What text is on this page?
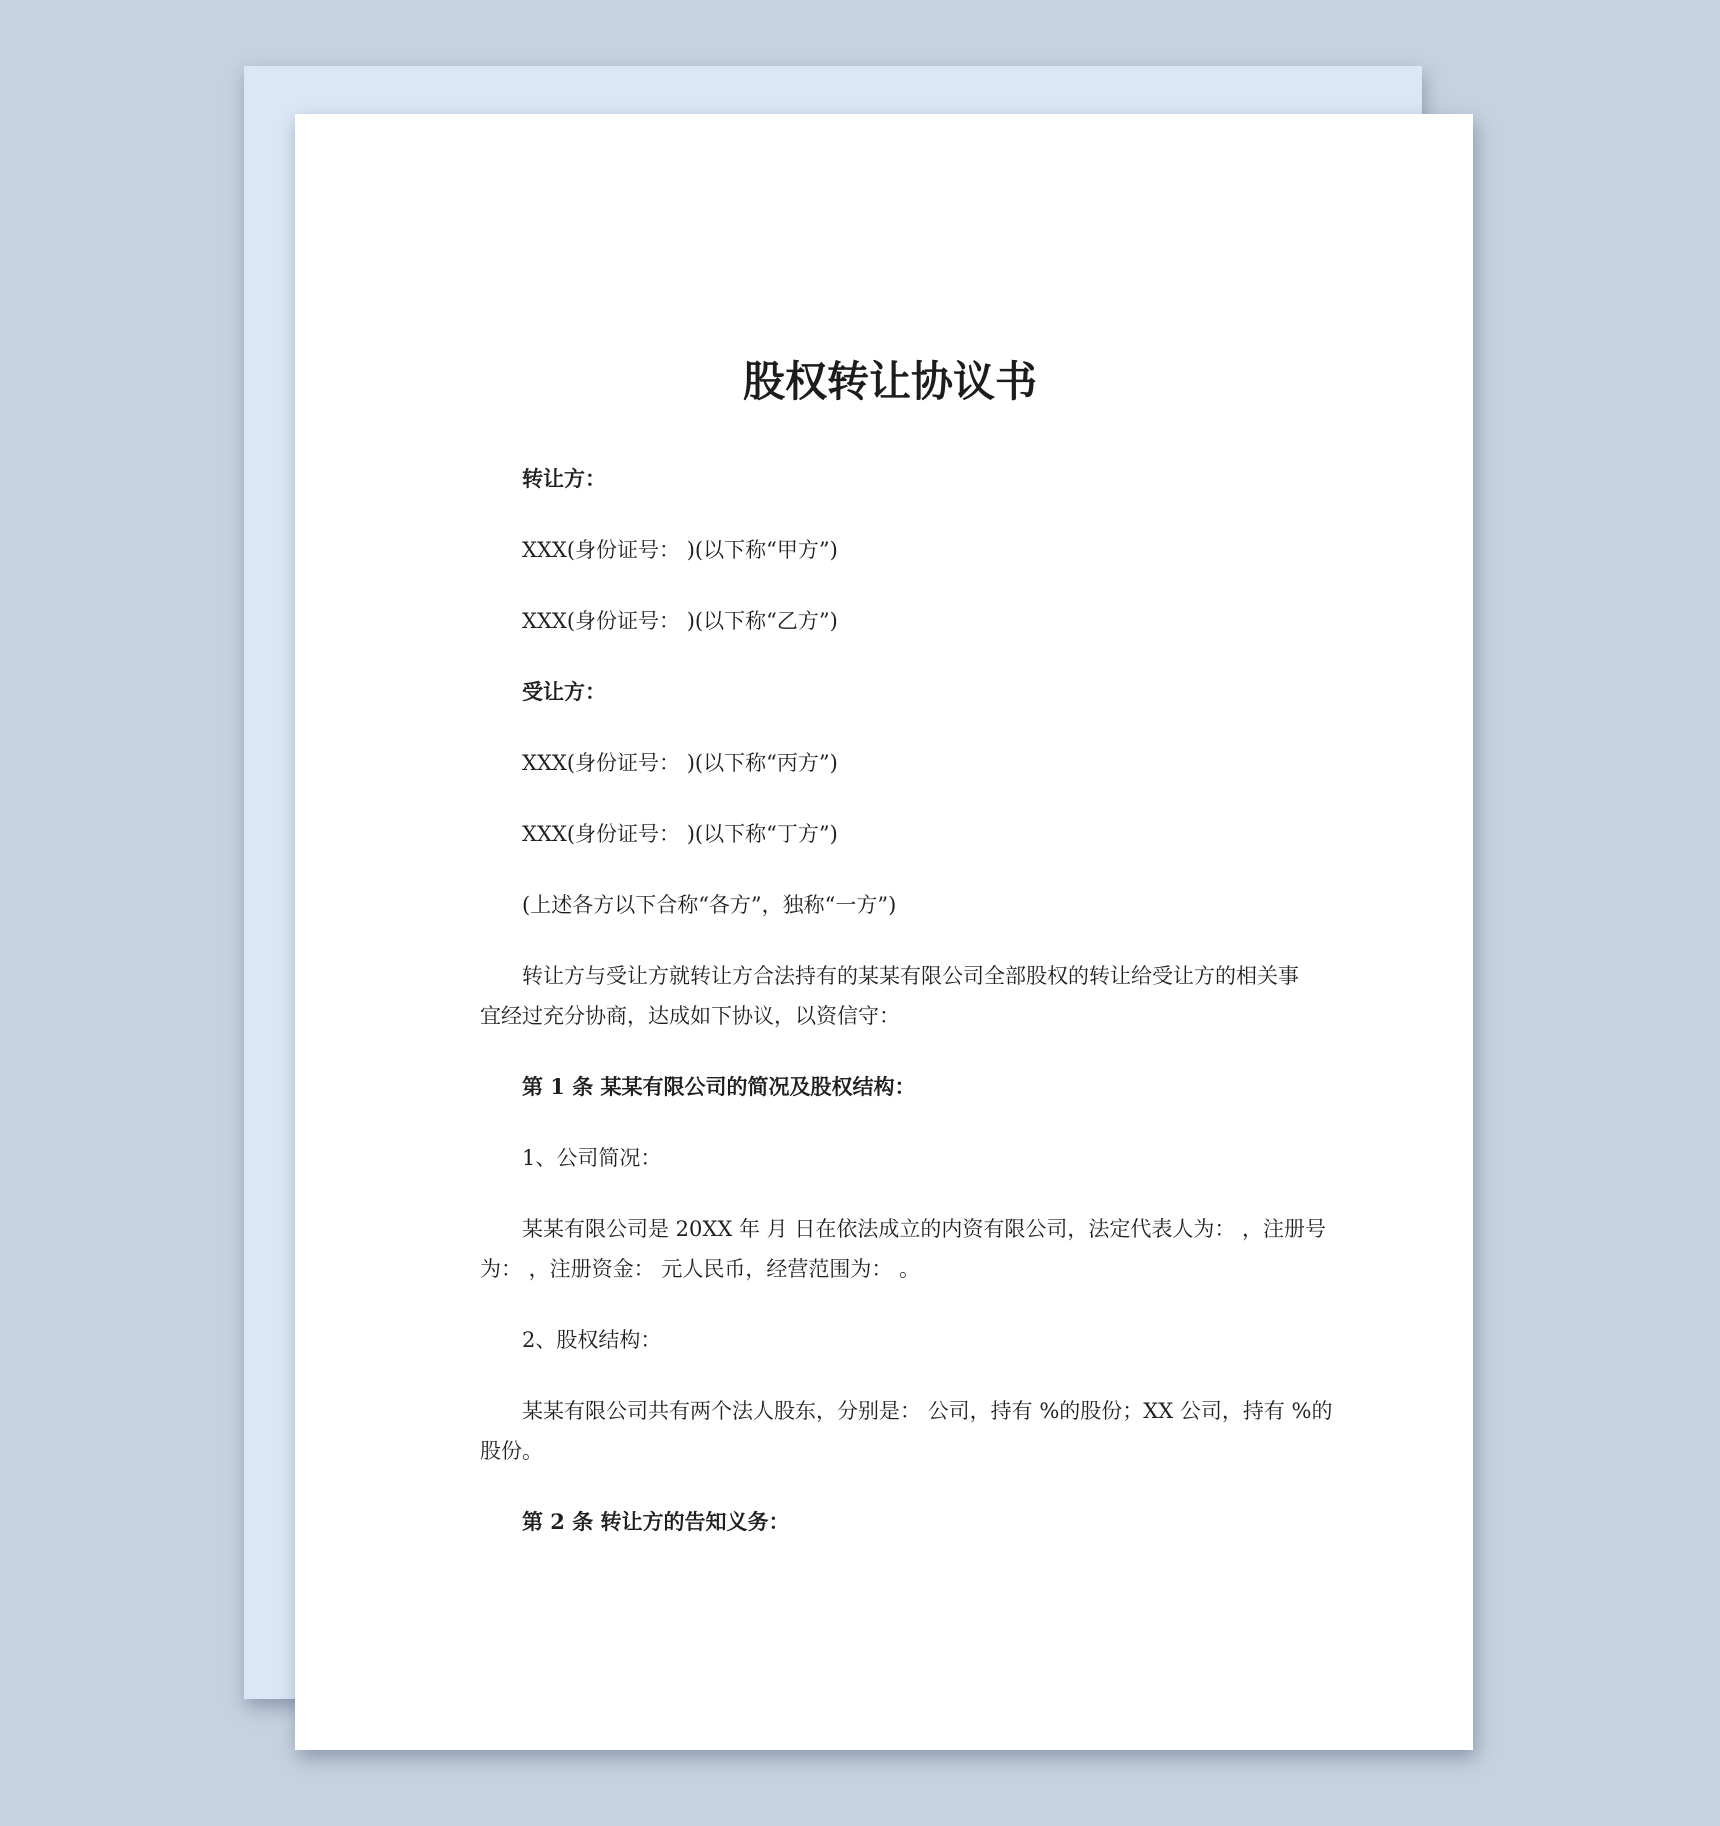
股权转让协议书
转让方：
XXX(身份证号： )(以下称“甲方”)
XXX(身份证号： )(以下称“乙方”)
受让方：
XXX(身份证号： )(以下称“丙方”)
XXX(身份证号： )(以下称“丁方”)
(上述各方以下合称“各方”，独称“一方”)
转让方与受让方就转让方合法持有的某某有限公司全部股权的转让给受让方的相关事
宜经过充分协商，达成如下协议，以资信守：
第 1 条 某某有限公司的简况及股权结构：
1、公司简况：
某某有限公司是 20XX 年 月 日在依法成立的内资有限公司，法定代表人为： ，注册号
为： ，注册资金： 元人民币，经营范围为： 。
2、股权结构：
某某有限公司共有两个法人股东，分别是： 公司，持有 %的股份；XX 公司，持有 %的
股份。
第 2 条 转让方的告知义务：
